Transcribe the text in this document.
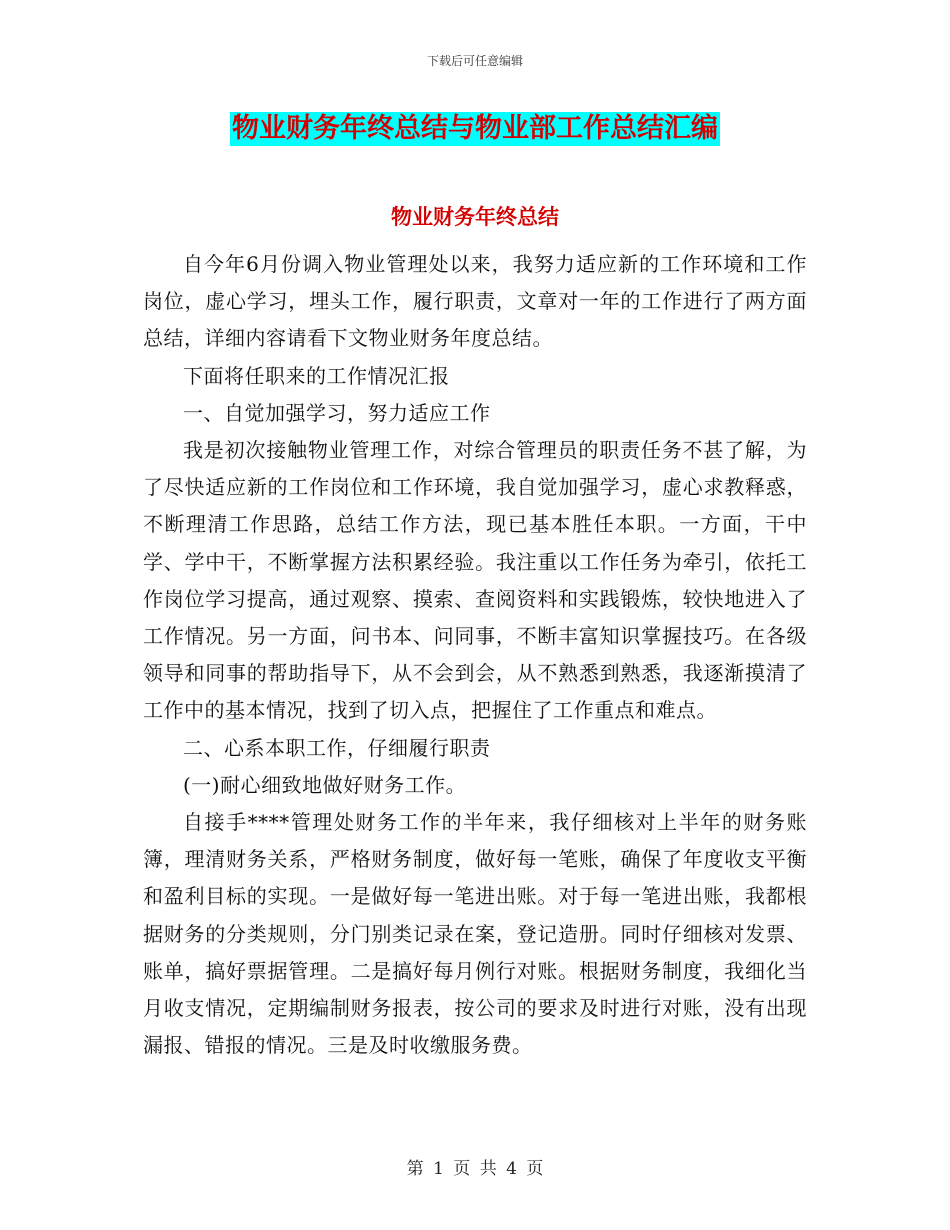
下载后可任意编辑
物业财务年终总结与物业部工作总结汇编
物业财务年终总结

自今年6月份调入物业管理处以来，我努力适应新的工作环境和工作岗位，虚心学习，埋头工作，履行职责，文章对一年的工作进行了两方面总结，详细内容请看下文物业财务年度总结。

下面将任职来的工作情况汇报

一、自觉加强学习，努力适应工作

我是初次接触物业管理工作，对综合管理员的职责任务不甚了解，为了尽快适应新的工作岗位和工作环境，我自觉加强学习，虚心求教释惑，不断理清工作思路，总结工作方法，现已基本胜任本职。一方面，干中学、学中干，不断掌握方法积累经验。我注重以工作任务为牵引，依托工作岗位学习提高，通过观察、摸索、查阅资料和实践锻炼，较快地进入了工作情况。另一方面，问书本、问同事，不断丰富知识掌握技巧。在各级领导和同事的帮助指导下，从不会到会，从不熟悉到熟悉，我逐渐摸清了工作中的基本情况，找到了切入点，把握住了工作重点和难点。

二、心系本职工作，仔细履行职责

(一)耐心细致地做好财务工作。

自接手****管理处财务工作的半年来，我仔细核对上半年的财务账簿，理清财务关系，严格财务制度，做好每一笔账，确保了年度收支平衡和盈利目标的实现。一是做好每一笔进出账。对于每一笔进出账，我都根据财务的分类规则，分门别类记录在案，登记造册。同时仔细核对发票、账单，搞好票据管理。二是搞好每月例行对账。根据财务制度，我细化当月收支情况，定期编制财务报表，按公司的要求及时进行对账，没有出现漏报、错报的情况。三是及时收缴服务费。

第 1 页 共 4 页
